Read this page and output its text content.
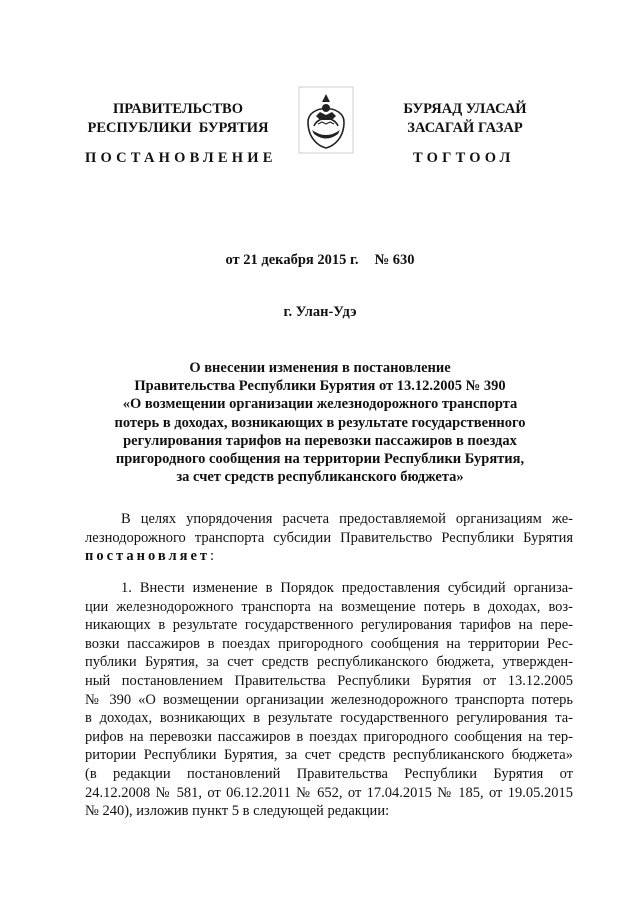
ПРАВИТЕЛЬСТВО
РЕСПУБЛИКИ  БУРЯТИЯ
БУРЯАД УЛАСАЙ
ЗАСАГАЙ ГАЗАР
ПОСТАНОВЛЕНИЕ	ТОГТООЛ
от 21 декабря 2015 г. № 630
г. Улан-Удэ
О внесении изменения в постановление
Правительства Республики Бурятия от 13.12.2005 № 390
«О возмещении организации железнодорожного транспорта
потерь в доходах, возникающих в результате государственного
регулирования тарифов на перевозки пассажиров в поездах
пригородного сообщения на территории Республики Бурятия,
за счет средств республиканского бюджета»
В целях упорядочения расчета предоставляемой организациям же-
лезнодорожного транспорта субсидии Правительство Республики Бурятия
постановляет:
1. Внести изменение в Порядок предоставления субсидий организа-
ции железнодорожного транспорта на возмещение потерь в доходах, воз-
никающих в результате государственного регулирования тарифов на пере-
возки пассажиров в поездах пригородного сообщения на территории Рес-
публики Бурятия, за счет средств республиканского бюджета, утвержден-
ный постановлением Правительства Республики Бурятия от 13.12.2005
№ 390 «О возмещении организации железнодорожного транспорта потерь
в доходах, возникающих в результате государственного регулирования та-
рифов на перевозки пассажиров в поездах пригородного сообщения на тер-
ритории Республики Бурятия, за счет средств республиканского бюджета»
(в редакции постановлений Правительства Республики Бурятия от
24.12.2008 № 581, от 06.12.2011 № 652, от 17.04.2015 № 185, от 19.05.2015
№ 240), изложив пункт 5 в следующей редакции:
